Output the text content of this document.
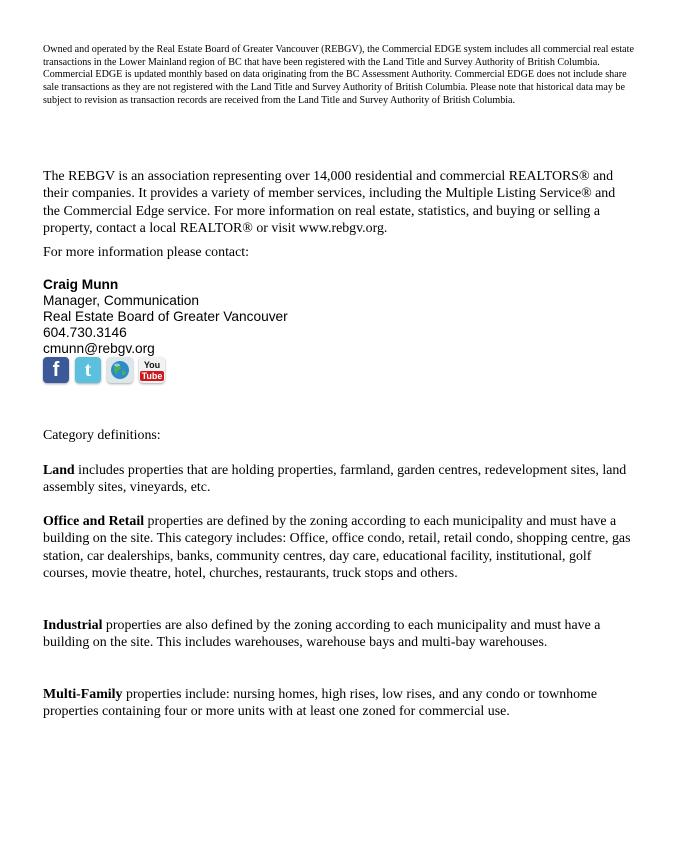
Owned and operated by the Real Estate Board of Greater Vancouver (REBGV), the Commercial EDGE system includes all commercial real estate transactions in the Lower Mainland region of BC that have been registered with the Land Title and Survey Authority of British Columbia. Commercial EDGE is updated monthly based on data originating from the BC Assessment Authority. Commercial EDGE does not include share sale transactions as they are not registered with the Land Title and Survey Authority of British Columbia. Please note that historical data may be subject to revision as transaction records are received from the Land Title and Survey Authority of British Columbia.

The REBGV is an association representing over 14,000 residential and commercial REALTORS® and their companies. It provides a variety of member services, including the Multiple Listing Service® and the Commercial Edge service. For more information on real estate, statistics, and buying or selling a property, contact a local REALTOR® or visit www.rebgv.org.

For more information please contact:

Craig Munn
Manager, Communication
Real Estate Board of Greater Vancouver
604.730.3146
cmunn@rebgv.org
f	t	You
Tube

Category definitions:

Land includes properties that are holding properties, farmland, garden centres, redevelopment sites, land assembly sites, vineyards, etc.

Office and Retail properties are defined by the zoning according to each municipality and must have a building on the site. This category includes: Office, office condo, retail, retail condo, shopping centre, gas station, car dealerships, banks, community centres, day care, educational facility, institutional, golf courses, movie theatre, hotel, churches, restaurants, truck stops and others.

Industrial properties are also defined by the zoning according to each municipality and must have a building on the site. This includes warehouses, warehouse bays and multi-bay warehouses.

Multi-Family properties include: nursing homes, high rises, low rises, and any condo or townhome properties containing four or more units with at least one zoned for commercial use.
